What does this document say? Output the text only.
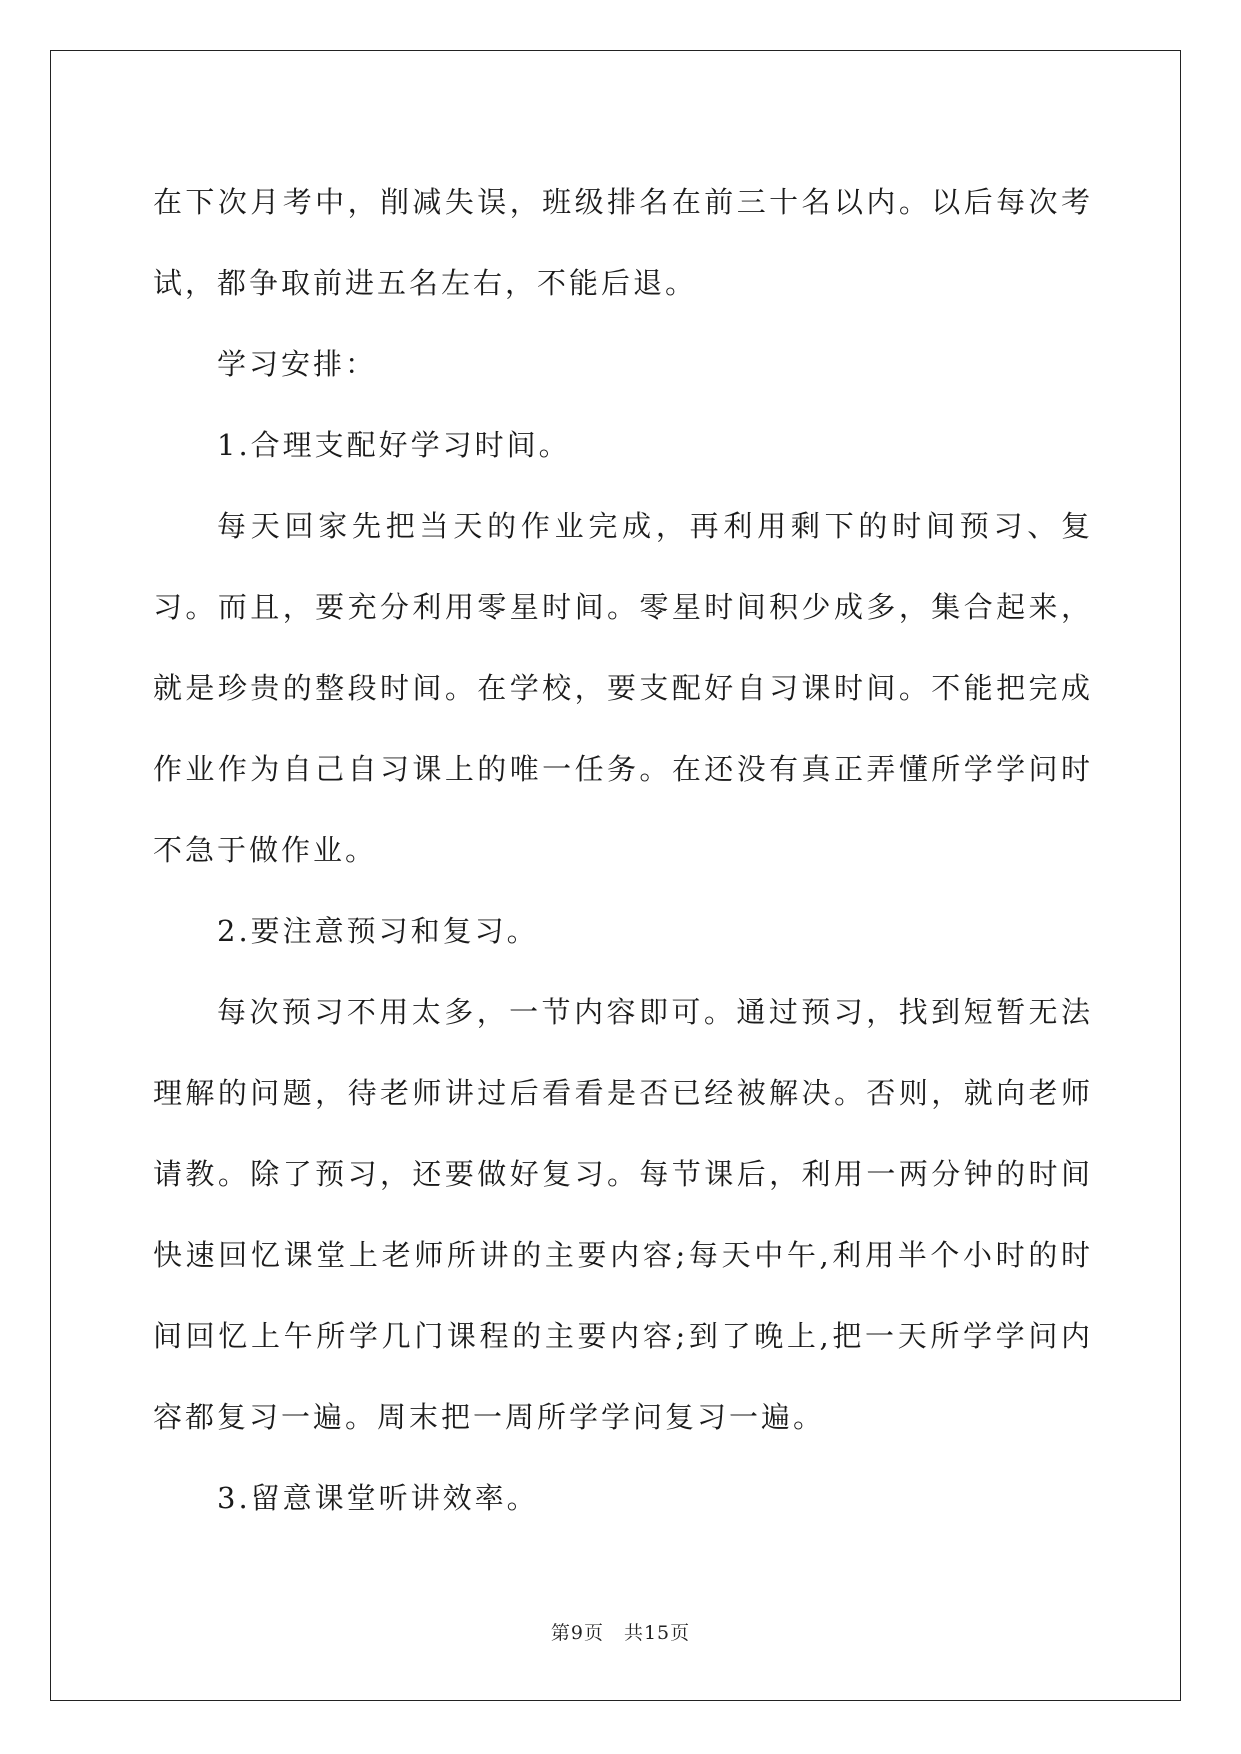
在下次月考中，削减失误，班级排名在前三十名以内。以后每次考试，都争取前进五名左右，不能后退。

学习安排：

1.合理支配好学习时间。

每天回家先把当天的作业完成，再利用剩下的时间预习、复习。而且，要充分利用零星时间。零星时间积少成多，集合起来，就是珍贵的整段时间。在学校，要支配好自习课时间。不能把完成作业作为自己自习课上的唯一任务。在还没有真正弄懂所学学问时不急于做作业。

2.要注意预习和复习。

每次预习不用太多，一节内容即可。通过预习，找到短暂无法理解的问题，待老师讲过后看看是否已经被解决。否则，就向老师请教。除了预习，还要做好复习。每节课后，利用一两分钟的时间快速回忆课堂上老师所讲的主要内容;每天中午,利用半个小时的时间回忆上午所学几门课程的主要内容;到了晚上,把一天所学学问内容都复习一遍。周末把一周所学学问复习一遍。

3.留意课堂听讲效率。

第9页　共15页
